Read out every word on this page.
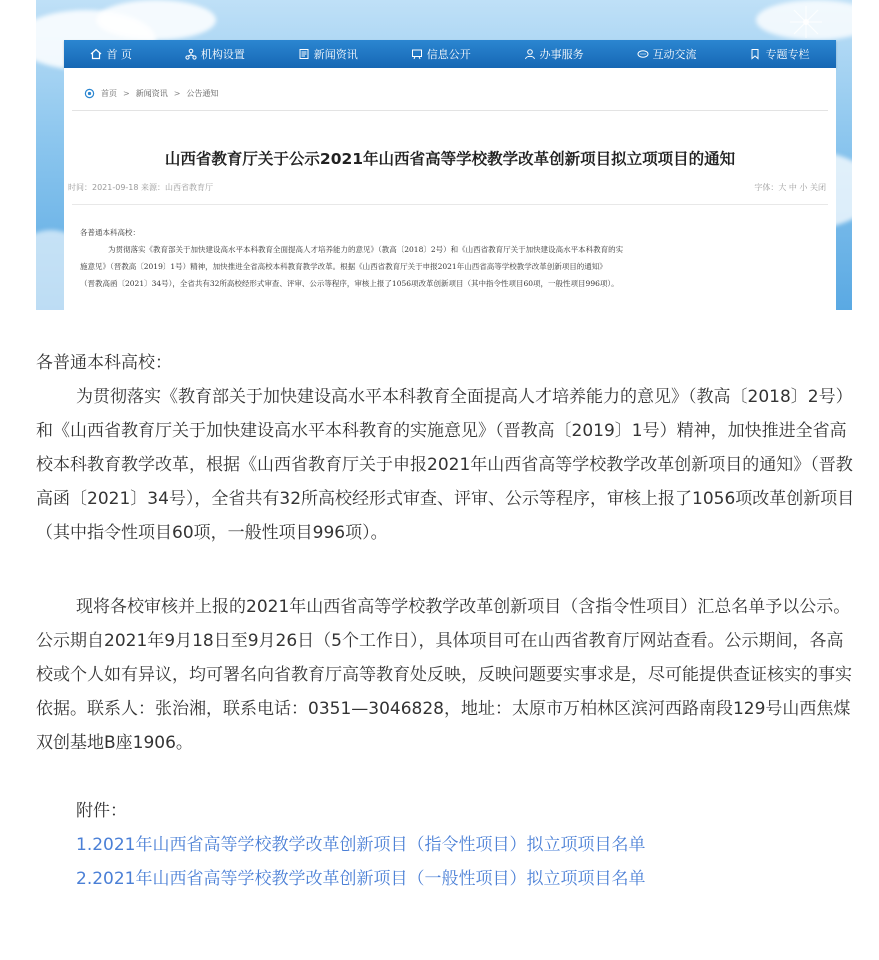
首 页	机构设置	新闻资讯	信息公开	办事服务	互动交流	专题专栏
首页 > 新闻资讯 > 公告通知
山西省教育厅关于公示2021年山西省高等学校教学改革创新项目拟立项项目的通知
时间：2021-09-18 来源：山西省教育厅	字体：大 中 小 关闭

各普通本科高校：

为贯彻落实《教育部关于加快建设高水平本科教育全面提高人才培养能力的意见》（教高〔2018〕2号）和《山西省教育厅关于加快建设高水平本科教育的实

施意见》（晋教高〔2019〕1号）精神，加快推进全省高校本科教育教学改革。根据《山西省教育厅关于申报2021年山西省高等学校教学改革创新项目的通知》

（晋教高函〔2021〕34号），全省共有32所高校经形式审查、评审、公示等程序，审核上报了1056项改革创新项目（其中指令性项目60项，一般性项目996项）。

各普通本科高校：

为贯彻落实《教育部关于加快建设高水平本科教育全面提高人才培养能力的意见》（教高〔2018〕2号）和《山西省教育厅关于加快建设高水平本科教育的实施意见》（晋教高〔2019〕1号）精神，加快推进全省高校本科教育教学改革，根据《山西省教育厅关于申报2021年山西省高等学校教学改革创新项目的通知》（晋教高函〔2021〕34号），全省共有32所高校经形式审查、评审、公示等程序，审核上报了1056项改革创新项目（其中指令性项目60项，一般性项目996项）。

现将各校审核并上报的2021年山西省高等学校教学改革创新项目（含指令性项目）汇总名单予以公示。公示期自2021年9月18日至9月26日（5个工作日），具体项目可在山西省教育厅网站查看。公示期间，各高校或个人如有异议，均可署名向省教育厅高等教育处反映，反映问题要实事求是，尽可能提供查证核实的事实依据。联系人：张治湘，联系电话：0351—3046828，地址：太原市万柏林区滨河西路南段129号山西焦煤双创基地B座1906。

附件：

1.2021年山西省高等学校教学改革创新项目（指令性项目）拟立项项目名单

2.2021年山西省高等学校教学改革创新项目（一般性项目）拟立项项目名单
